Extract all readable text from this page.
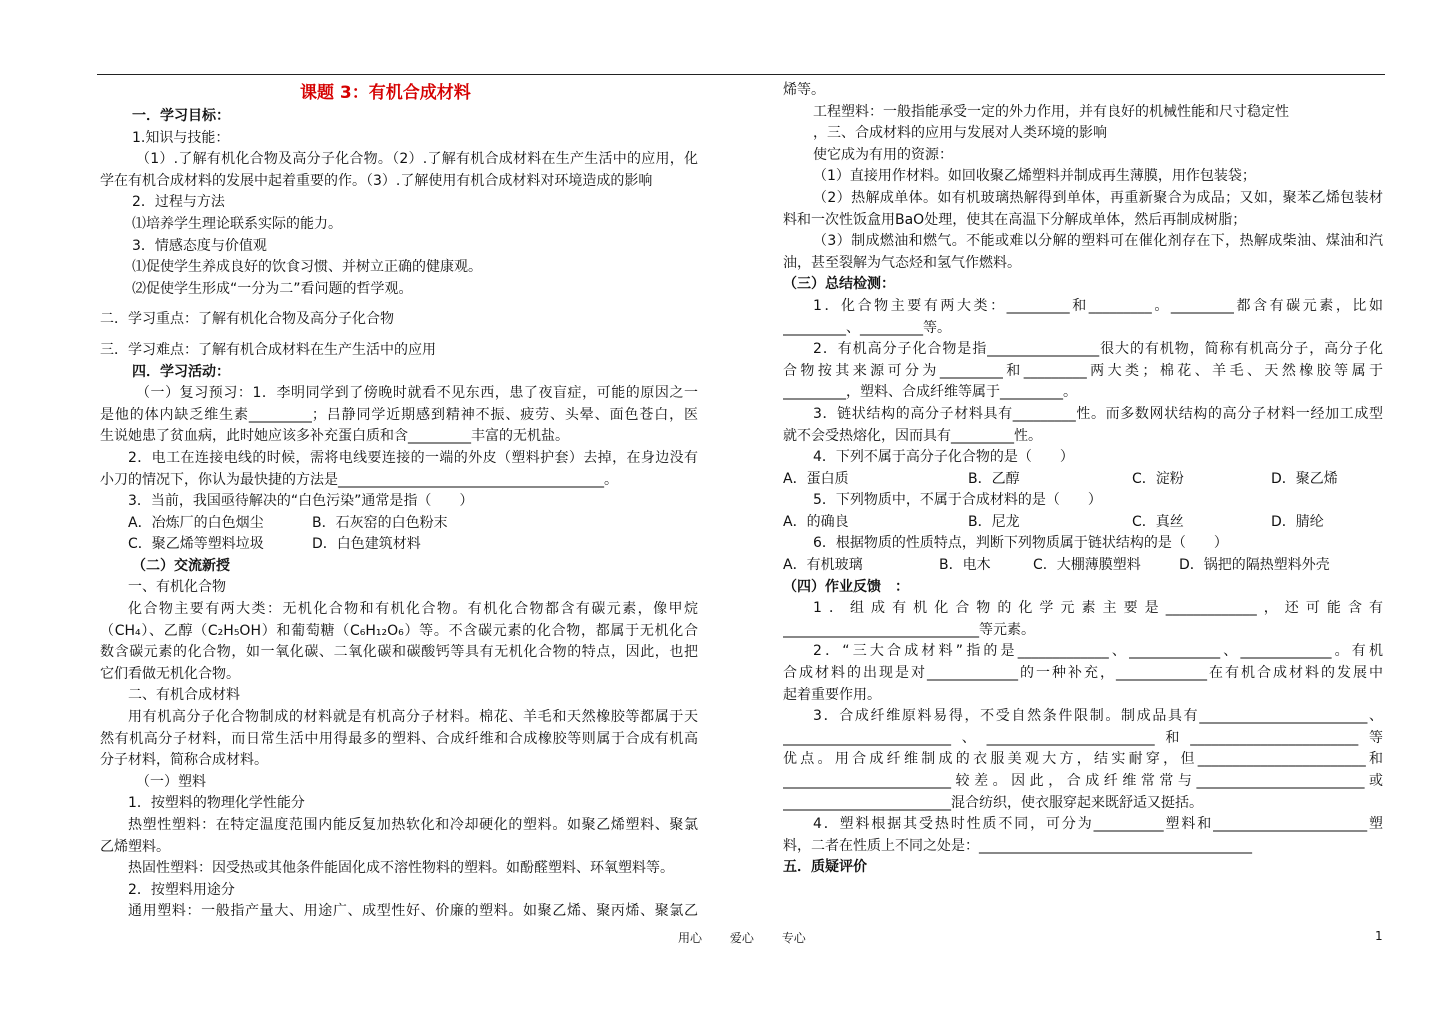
课题 3：有机合成材料
一．学习目标：
1.知识与技能：
（1）.了解有机化合物及高分子化合物。（2）.了解有机合成材料在生产生活中的应用，化
学在有机合成材料的发展中起着重要的作。（3）.了解使用有机合成材料对环境造成的影响
2．过程与方法
⑴培养学生理论联系实际的能力。
3．情感态度与价值观
⑴促使学生养成良好的饮食习惯、并树立正确的健康观。
⑵促使学生形成“一分为二”看问题的哲学观。
二．学习重点：了解有机化合物及高分子化合物
三．学习难点：了解有机合成材料在生产生活中的应用
四．学习活动：
（一）复习预习：1．李明同学到了傍晚时就看不见东西，患了夜盲症，可能的原因之一
是他的体内缺乏维生素_________；吕静同学近期感到精神不振、疲劳、头晕、面色苍白，医
生说她患了贫血病，此时她应该多补充蛋白质和含_________丰富的无机盐。
2．电工在连接电线的时候，需将电线要连接的一端的外皮（塑料护套）去掉，在身边没有
小刀的情况下，你认为最快捷的方法是______________________________________。
3．当前，我国亟待解决的“白色污染”通常是指（　　）
A．冶炼厂的白色烟尘	B．石灰窑的白色粉末
C．聚乙烯等塑料垃圾	D．白色建筑材料
（二）交流新授
一、有机化合物
化合物主要有两大类：无机化合物和有机化合物。有机化合物都含有碳元素，像甲烷
（CH₄）、乙醇（C₂H₅OH）和葡萄糖（C₆H₁₂O₆）等。不含碳元素的化合物，都属于无机化合
数含碳元素的化合物，如一氧化碳、二氧化碳和碳酸钙等具有无机化合物的特点，因此，也把
它们看做无机化合物。
二、有机合成材料
用有机高分子化合物制成的材料就是有机高分子材料。棉花、羊毛和天然橡胶等都属于天
然有机高分子材料，而日常生活中用得最多的塑料、合成纤维和合成橡胶等则属于合成有机高
分子材料，简称合成材料。
（一）塑料
1．按塑料的物理化学性能分
热塑性塑料：在特定温度范围内能反复加热软化和冷却硬化的塑料。如聚乙烯塑料、聚氯
乙烯塑料。
热固性塑料：因受热或其他条件能固化成不溶性物料的塑料。如酚醛塑料、环氧塑料等。
2．按塑料用途分
通用塑料：一般指产量大、用途广、成型性好、价廉的塑料。如聚乙烯、聚丙烯、聚氯乙
烯等。
工程塑料：一般指能承受一定的外力作用，并有良好的机械性能和尺寸稳定性
，三、合成材料的应用与发展对人类环境的影响
使它成为有用的资源：
（1）直接用作材料。如回收聚乙烯塑料并制成再生薄膜，用作包装袋；
（2）热解成单体。如有机玻璃热解得到单体，再重新聚合为成品；又如，聚苯乙烯包装材
料和一次性饭盒用BaO处理，使其在高温下分解成单体，然后再制成树脂；
（3）制成燃油和燃气。不能或难以分解的塑料可在催化剂存在下，热解成柴油、煤油和汽
油，甚至裂解为气态烃和氢气作燃料。
（三）总结检测：
1．化合物主要有两大类：_________和_________。_________都含有碳元素，比如
_________、_________等。
2．有机高分子化合物是指________________很大的有机物，简称有机高分子，高分子化
合物按其来源可分为_________和_________两大类；棉花、羊毛、天然橡胶等属于
_________，塑料、合成纤维等属于_________。
3．链状结构的高分子材料具有_________性。而多数网状结构的高分子材料一经加工成型
就不会受热熔化，因而具有_________性。
4．下列不属于高分子化合物的是（　　）
A．蛋白质	B．乙醇	C．淀粉	D．聚乙烯
5．下列物质中，不属于合成材料的是（　　）
A．的确良	B．尼龙	C．真丝	D．腈纶
6．根据物质的性质特点，判断下列物质属于链状结构的是（　　）
A．有机玻璃	B．电木	C．大棚薄膜塑料	D．锅把的隔热塑料外壳
（四）作业反馈　：
1．组成有机化合物的化学元素主要是_____________，还可能含有
____________________________等元素。
2．“三大合成材料”指的是_____________、_____________、_____________。有机
合成材料的出现是对_____________的一种补充，_____________在有机合成材料的发展中
起着重要作用。
3．合成纤维原料易得，不受自然条件限制。制成品具有________________________、
________________________、________________________和________________________等
优点。用合成纤维制成的衣服美观大方，结实耐穿，但________________________和
________________________较差。因此，合成纤维常常与________________________或
________________________混合纺织，使衣服穿起来既舒适又挺括。
4．塑料根据其受热时性质不同，可分为__________塑料和______________________塑
料，二者在性质上不同之处是：_______________________________________
五．质疑评价
用心 爱心 专心	1
